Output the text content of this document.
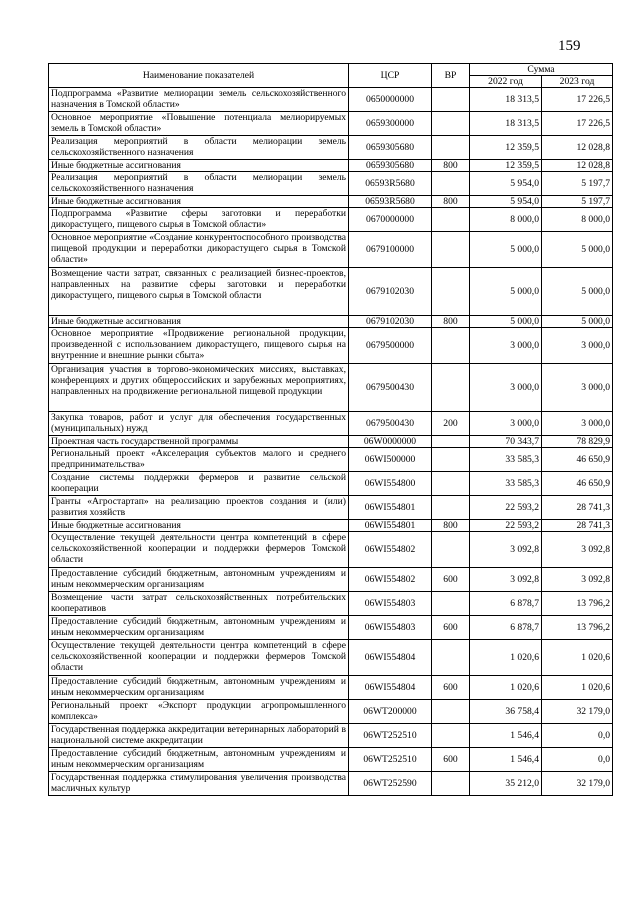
159
Наименование показателей	ЦСР	ВР	Сумма	
			2022 год	2023 год
Подпрограмма «Развитие мелиорации земель сельскохозяйственного назначения в Томской области»	0650000000		18 313,5	17 226,5
Основное мероприятие «Повышение потенциала мелиорируемых земель в Томской области»	0659300000		18 313,5	17 226,5
Реализация мероприятий в области мелиорации земель сельскохозяйственного назначения	0659305680		12 359,5	12 028,8
Иные бюджетные ассигнования	0659305680	800	12 359,5	12 028,8
Реализация мероприятий в области мелиорации земель сельскохозяйственного назначения	06593R5680		5 954,0	5 197,7
Иные бюджетные ассигнования	06593R5680	800	5 954,0	5 197,7
Подпрограмма «Развитие сферы заготовки и переработки дикорастущего, пищевого сырья в Томской области»	0670000000		8 000,0	8 000,0
Основное мероприятие «Создание конкурентоспособного производства пищевой продукции и переработки дикорастущего сырья в Томской области»	0679100000		5 000,0	5 000,0
Возмещение части затрат, связанных с реализацией бизнес-проектов, направленных на развитие сферы заготовки и переработки дикорастущего, пищевого сырья в Томской области	0679102030		5 000,0	5 000,0
Иные бюджетные ассигнования	0679102030	800	5 000,0	5 000,0
Основное мероприятие «Продвижение региональной продукции, произведенной с использованием дикорастущего, пищевого сырья на внутренние и внешние рынки сбыта»	0679500000		3 000,0	3 000,0
Организация участия в торгово-экономических миссиях, выставках, конференциях и других общероссийских и зарубежных мероприятиях, направленных на продвижение региональной пищевой продукции	0679500430		3 000,0	3 000,0
Закупка товаров, работ и услуг для обеспечения государственных (муниципальных) нужд	0679500430	200	3 000,0	3 000,0
Проектная часть государственной программы	06W0000000		70 343,7	78 829,9
Региональный проект «Акселерация субъектов малого и среднего предпринимательства»	06WI500000		33 585,3	46 650,9
Создание системы поддержки фермеров и развитие сельской кооперации	06WI554800		33 585,3	46 650,9
Гранты «Агростартап» на реализацию проектов создания и (или) развития хозяйств	06WI554801		22 593,2	28 741,3
Иные бюджетные ассигнования	06WI554801	800	22 593,2	28 741,3
Осуществление текущей деятельности центра компетенций в сфере сельскохозяйственной кооперации и поддержки фермеров Томской области	06WI554802		3 092,8	3 092,8
Предоставление субсидий бюджетным, автономным учреждениям и иным некоммерческим организациям	06WI554802	600	3 092,8	3 092,8
Возмещение части затрат сельскохозяйственных потребительских кооперативов	06WI554803		6 878,7	13 796,2
Предоставление субсидий бюджетным, автономным учреждениям и иным некоммерческим организациям	06WI554803	600	6 878,7	13 796,2
Осуществление текущей деятельности центра компетенций в сфере сельскохозяйственной кооперации и поддержки фермеров Томской области	06WI554804		1 020,6	1 020,6
Предоставление субсидий бюджетным, автономным учреждениям и иным некоммерческим организациям	06WI554804	600	1 020,6	1 020,6
Региональный проект «Экспорт продукции агропромышленного комплекса»	06WT200000		36 758,4	32 179,0
Государственная поддержка аккредитации ветеринарных лабораторий в национальной системе аккредитации	06WT252510		1 546,4	0,0
Предоставление субсидий бюджетным, автономным учреждениям и иным некоммерческим организациям	06WT252510	600	1 546,4	0,0
Государственная поддержка стимулирования увеличения производства масличных культур	06WT252590		35 212,0	32 179,0
